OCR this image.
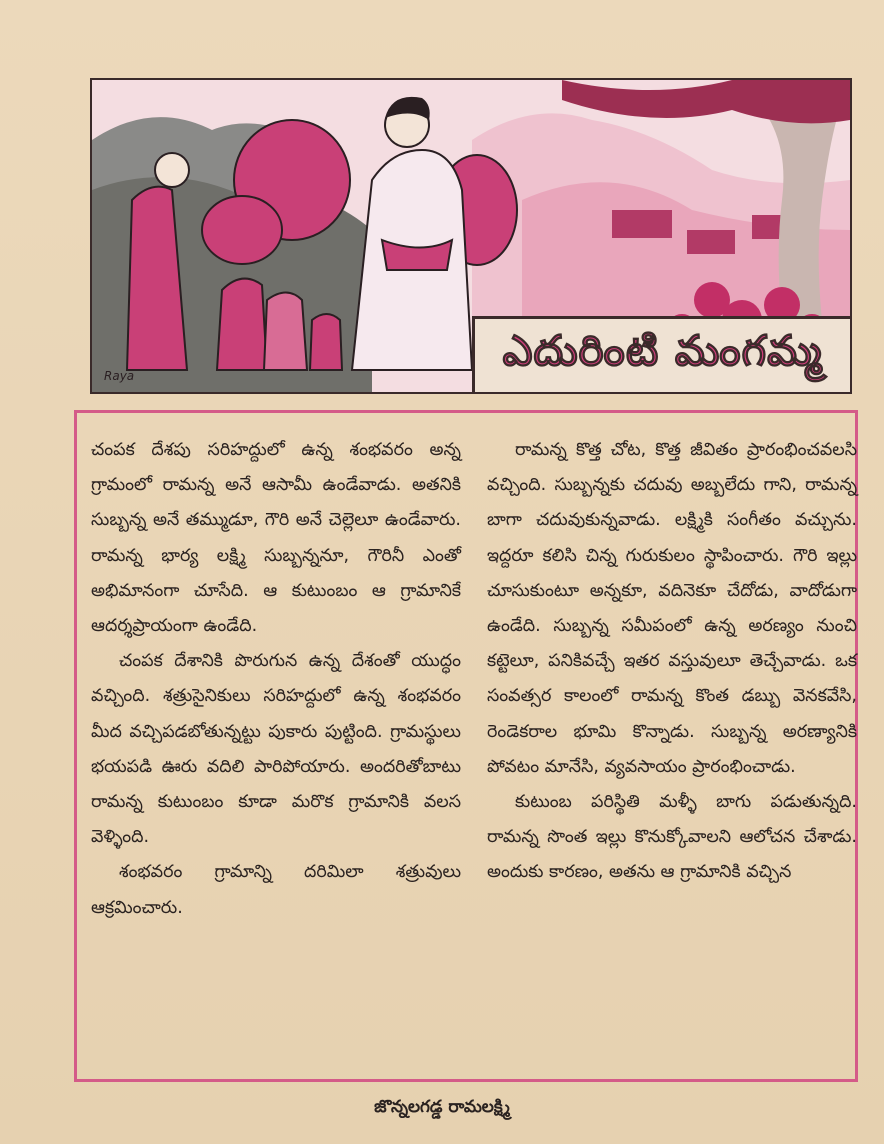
Raya
ఎదురింటి మంగమ్మ

చంపక దేశపు సరిహద్దులో ఉన్న శంభవరం అన్న గ్రామంలో రామన్న అనే ఆసామీ ఉండేవాడు. అతనికి సుబ్బన్న అనే తమ్ముడూ, గౌరి అనే చెల్లెలూ ఉండేవారు. రామన్న భార్య లక్ష్మి సుబ్బన్ననూ, గౌరినీ ఎంతో అభిమానంగా చూసేది. ఆ కుటుంబం ఆ గ్రామానికే ఆదర్శప్రాయంగా ఉండేది.

చంపక దేశానికి పొరుగున ఉన్న దేశంతో యుద్ధం వచ్చింది. శత్రుసైనికులు సరిహద్దులో ఉన్న శంభవరం మీద వచ్చిపడబోతున్నట్టు పుకారు పుట్టింది. గ్రామస్థులు భయపడి ఊరు వదిలి పారిపోయారు. అందరితోబాటు రామన్న కుటుంబం కూడా మరొక గ్రామానికి వలస వెళ్ళింది.

శంభవరం గ్రామాన్ని దరిమిలా శత్రువులు ఆక్రమించారు.

రామన్న కొత్త చోట, కొత్త జీవితం ప్రారంభించవలసి వచ్చింది. సుబ్బన్నకు చదువు అబ్బలేదు గాని, రామన్న బాగా చదువుకున్నవాడు. లక్ష్మికి సంగీతం వచ్చును. ఇద్దరూ కలిసి చిన్న గురుకులం స్థాపించారు. గౌరి ఇల్లు చూసుకుంటూ అన్నకూ, వదినెకూ చేదోడు, వాదోడుగా ఉండేది. సుబ్బన్న సమీపంలో ఉన్న అరణ్యం నుంచి కట్టెలూ, పనికివచ్చే ఇతర వస్తువులూ తెచ్చేవాడు. ఒక సంవత్సర కాలంలో రామన్న కొంత డబ్బు వెనకవేసి, రెండెకరాల భూమి కొన్నాడు. సుబ్బన్న అరణ్యానికి పోవటం మానేసి, వ్యవసాయం ప్రారంభించాడు.

కుటుంబ పరిస్థితి మళ్ళీ బాగు పడుతున్నది. రామన్న సొంత ఇల్లు కొనుక్కోవాలని ఆలోచన చేశాడు. అందుకు కారణం, అతను ఆ గ్రామానికి వచ్చిన

జొన్నలగడ్డ రామలక్ష్మి
